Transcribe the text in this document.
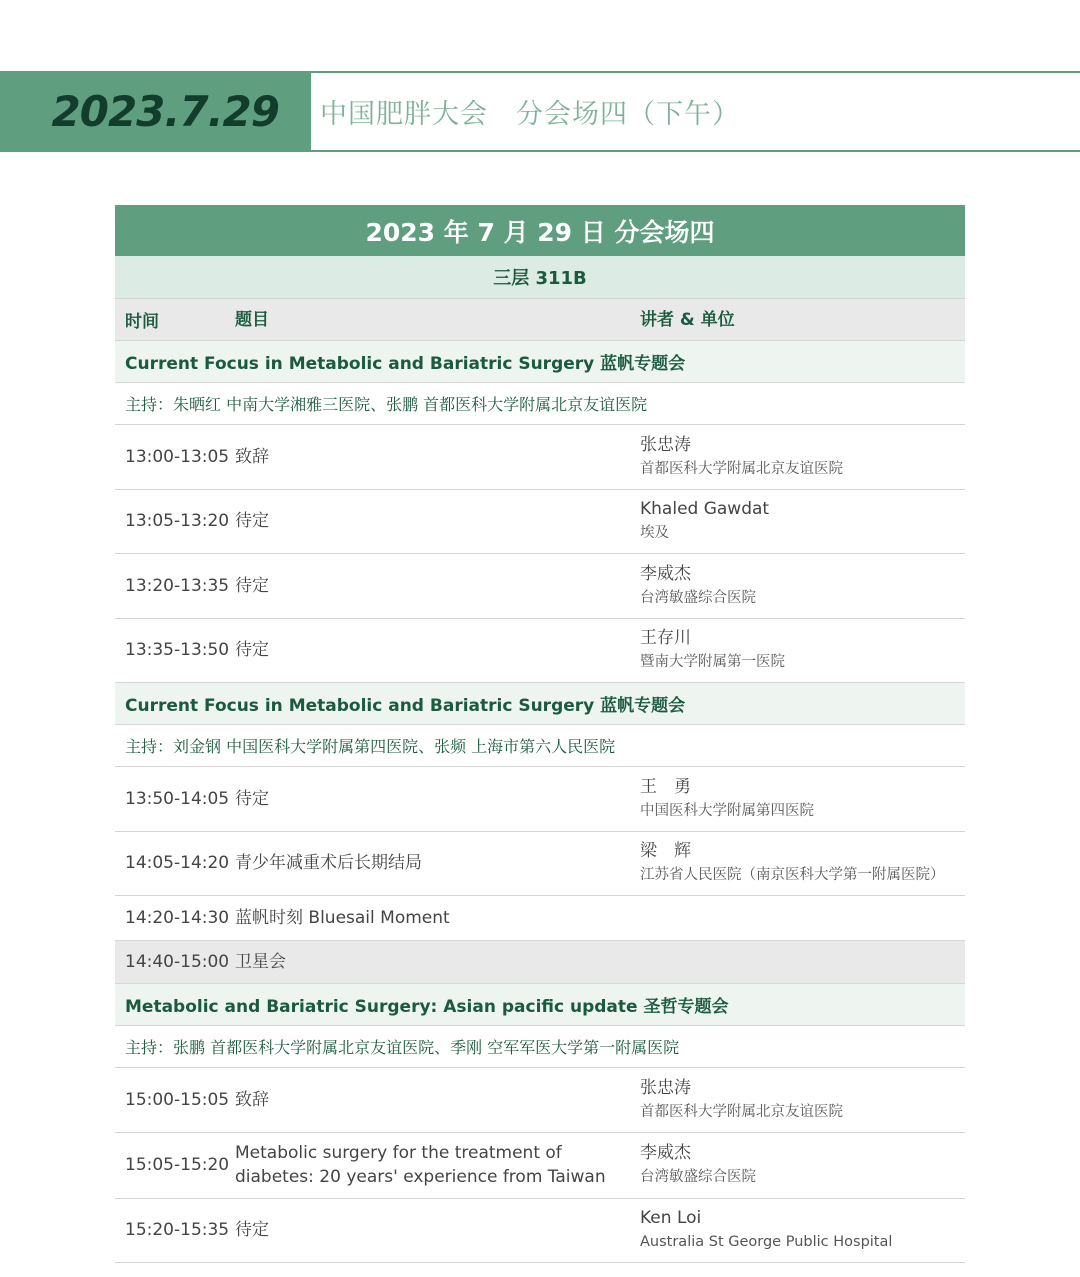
2023.7.29 中国肥胖大会　分会场四（下午）
2023 年 7 月 29 日 分会场四
三层 311B
时间	题目	讲者 & 单位
Current Focus in Metabolic and Bariatric Surgery 蓝帆专题会
主持：朱晒红 中南大学湘雅三医院、张鹏 首都医科大学附属北京友谊医院
13:00-13:05 致辞
张忠涛
首都医科大学附属北京友谊医院
13:05-13:20 待定
Khaled Gawdat
埃及
13:20-13:35 待定
李威杰
台湾敏盛综合医院
13:35-13:50 待定
王存川
暨南大学附属第一医院
Current Focus in Metabolic and Bariatric Surgery 蓝帆专题会
主持：刘金钢 中国医科大学附属第四医院、张频 上海市第六人民医院
13:50-14:05 待定
王　勇
中国医科大学附属第四医院
14:05-14:20 青少年减重术后长期结局
梁　辉
江苏省人民医院（南京医科大学第一附属医院）
14:20-14:30 蓝帆时刻 Bluesail Moment
14:40-15:00 卫星会
Metabolic and Bariatric Surgery: Asian pacific update 圣哲专题会
主持：张鹏 首都医科大学附属北京友谊医院、季刚 空军军医大学第一附属医院
15:00-15:05 致辞
张忠涛
首都医科大学附属北京友谊医院
15:05-15:20
Metabolic surgery for the treatment of diabetes: 20 years' experience from Taiwan
李威杰
台湾敏盛综合医院
15:20-15:35 待定
Ken Loi
Australia St George Public Hospital
